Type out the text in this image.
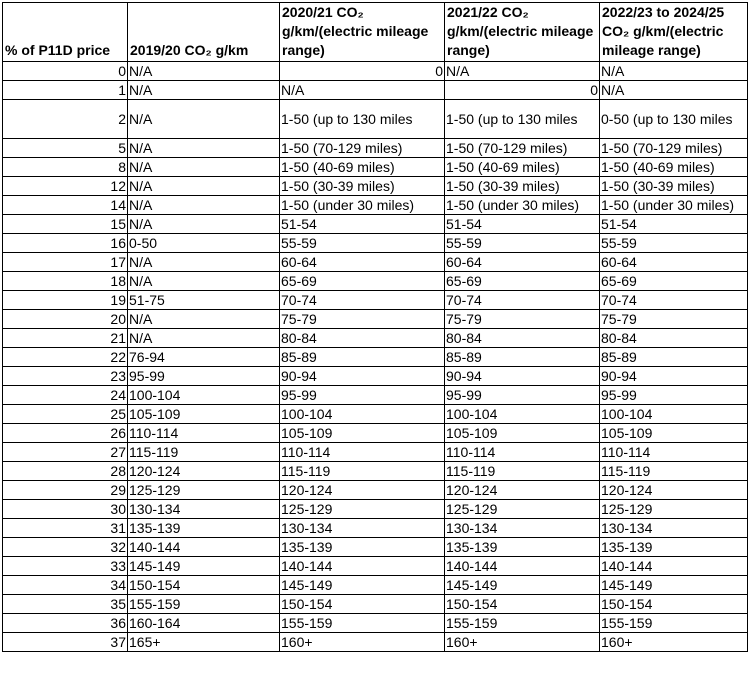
% of P11D price	2019/20 CO₂ g/km	2020/21 CO₂ g/km/(electric mileage range)	2021/22 CO₂ g/km/(electric mileage range)	2022/23 to 2024/25 CO₂ g/km/(electric mileage range)
0	N/A	0	N/A	N/A
1	N/A	N/A	0	N/A
2	N/A	1-50 (up to 130 miles	1-50 (up to 130 miles	0-50 (up to 130 miles
5	N/A	1-50 (70-129 miles)	1-50 (70-129 miles)	1-50 (70-129 miles)
8	N/A	1-50 (40-69 miles)	1-50 (40-69 miles)	1-50 (40-69 miles)
12	N/A	1-50 (30-39 miles)	1-50 (30-39 miles)	1-50 (30-39 miles)
14	N/A	1-50 (under 30 miles)	1-50 (under 30 miles)	1-50 (under 30 miles)
15	N/A	51-54	51-54	51-54
16	0-50	55-59	55-59	55-59
17	N/A	60-64	60-64	60-64
18	N/A	65-69	65-69	65-69
19	51-75	70-74	70-74	70-74
20	N/A	75-79	75-79	75-79
21	N/A	80-84	80-84	80-84
22	76-94	85-89	85-89	85-89
23	95-99	90-94	90-94	90-94
24	100-104	95-99	95-99	95-99
25	105-109	100-104	100-104	100-104
26	110-114	105-109	105-109	105-109
27	115-119	110-114	110-114	110-114
28	120-124	115-119	115-119	115-119
29	125-129	120-124	120-124	120-124
30	130-134	125-129	125-129	125-129
31	135-139	130-134	130-134	130-134
32	140-144	135-139	135-139	135-139
33	145-149	140-144	140-144	140-144
34	150-154	145-149	145-149	145-149
35	155-159	150-154	150-154	150-154
36	160-164	155-159	155-159	155-159
37	165+	160+	160+	160+
